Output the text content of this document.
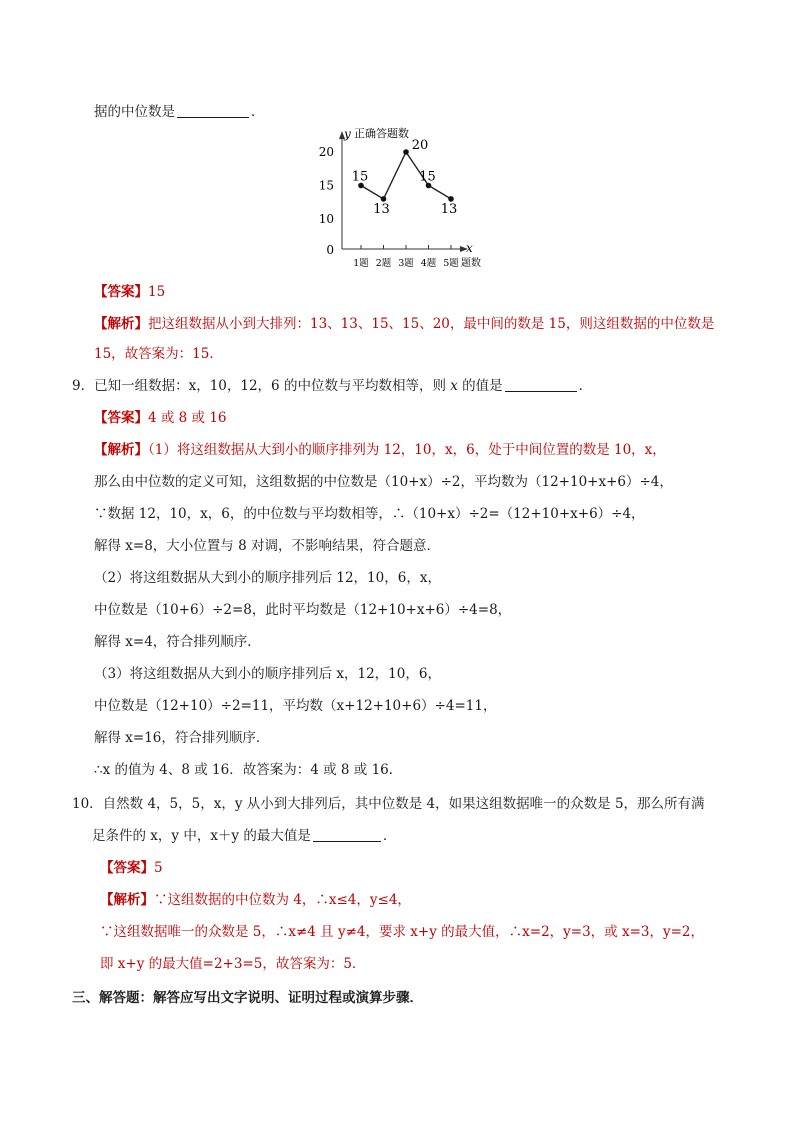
据的中位数是	．
y 正确答题数
x
20
15
10
0
1题 2题 3题 4题 5题 题数
15
13
20
15
13
【答案】15
【解析】把这组数据从小到大排列：13、13、15、15、20，最中间的数是 15，则这组数据的中位数是
15，故答案为：15．
9．已知一组数据：x，10，12，6 的中位数与平均数相等，则 x 的值是	．
【答案】4 或 8 或 16
【解析】（1）将这组数据从大到小的顺序排列为 12，10，x，6，处于中间位置的数是 10，x，
那么由中位数的定义可知，这组数据的中位数是（10+x）÷2，平均数为（12+10+x+6）÷4，
∵数据 12，10，x，6，的中位数与平均数相等，∴（10+x）÷2=（12+10+x+6）÷4，
解得 x=8，大小位置与 8 对调，不影响结果，符合题意．
（2）将这组数据从大到小的顺序排列后 12，10，6，x，
中位数是（10+6）÷2=8，此时平均数是（12+10+x+6）÷4=8，
解得 x=4，符合排列顺序．
（3）将这组数据从大到小的顺序排列后 x，12，10，6，
中位数是（12+10）÷2=11，平均数（x+12+10+6）÷4=11，
解得 x=16，符合排列顺序．
∴x 的值为 4、8 或 16．故答案为：4 或 8 或 16．
10．自然数 4，5，5，x，y 从小到大排列后，其中位数是 4，如果这组数据唯一的众数是 5，那么所有满
足条件的 x，y 中，x＋y 的最大值是	．
【答案】5
【解析】∵这组数据的中位数为 4，∴x≤4，y≤4，
∵这组数据唯一的众数是 5，∴x≠4 且 y≠4，要求 x+y 的最大值，∴x=2，y=3，或 x=3，y=2，
即 x+y 的最大值=2+3=5，故答案为：5．
三、解答题：解答应写出文字说明、证明过程或演算步骤．
